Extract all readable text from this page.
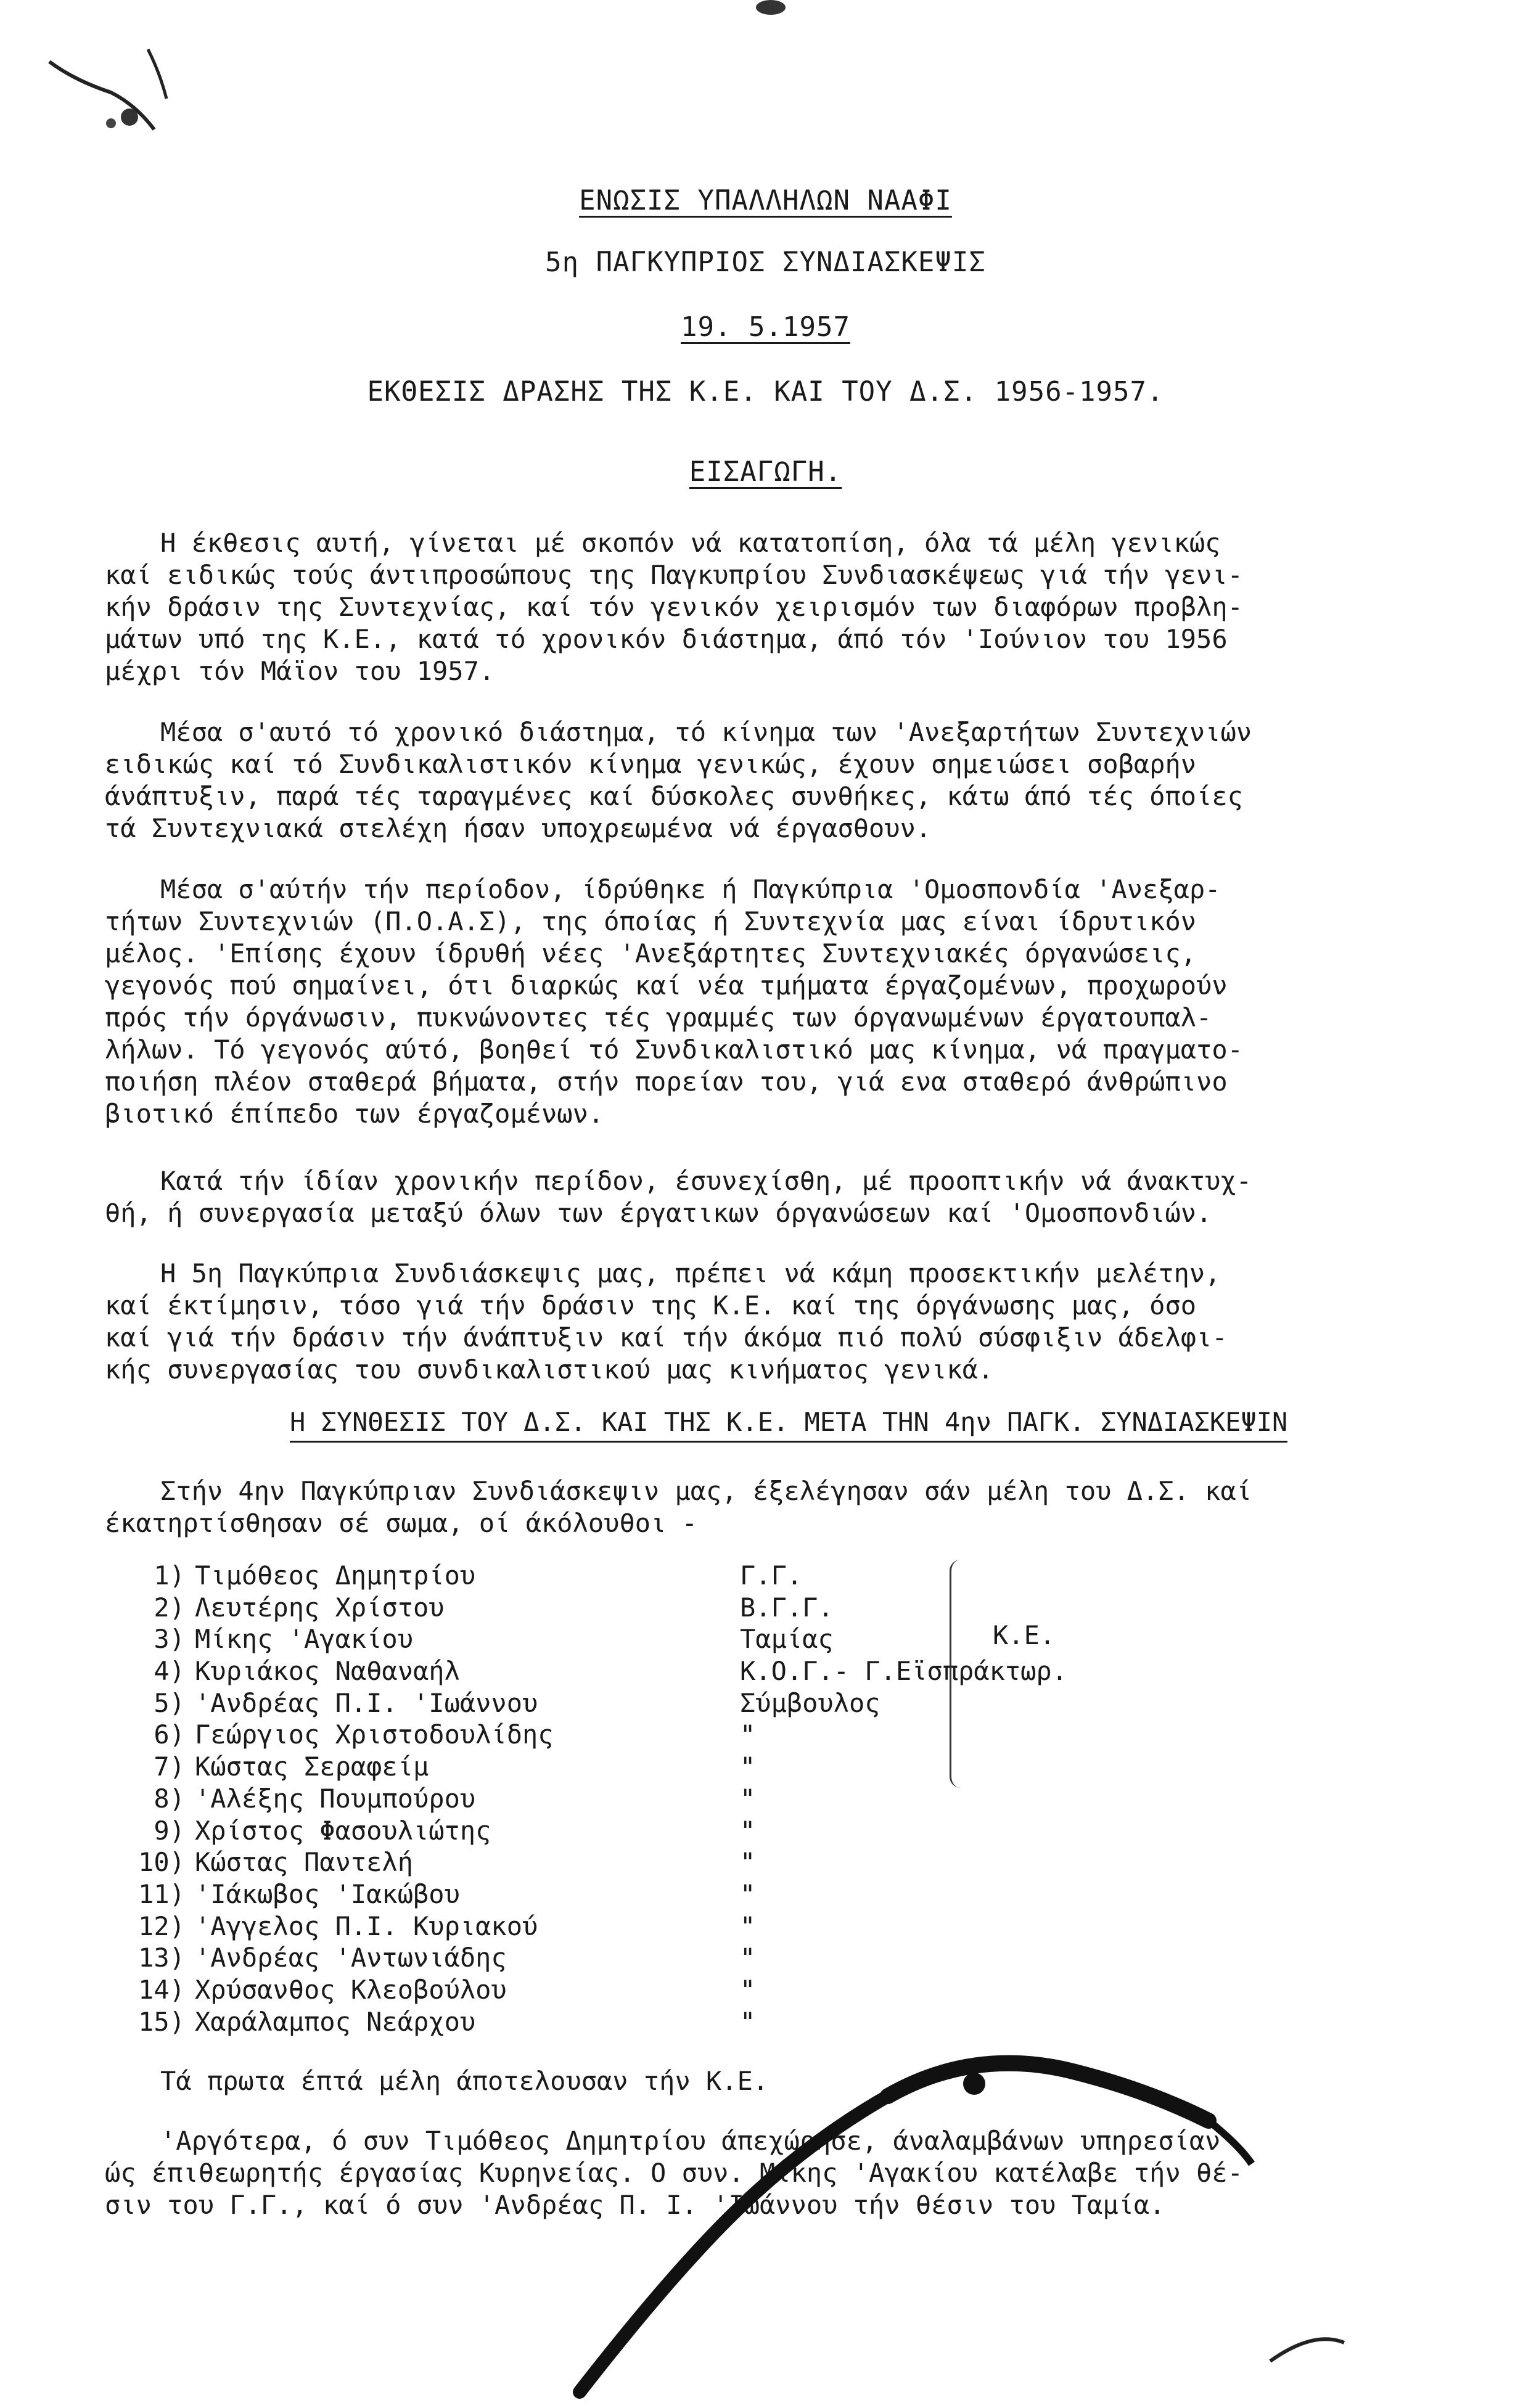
ΕΝΩΣΙΣ ΥΠΑΛΛΗΛΩΝ ΝΑΑΦΙ
5η ΠΑΓΚΥΠΡΙΟΣ ΣΥΝΔΙΑΣΚΕΨΙΣ
19. 5.1957
ΕΚΘΕΣΙΣ ΔΡΑΣΗΣ ΤΗΣ Κ.Ε. ΚΑΙ ΤΟΥ Δ.Σ. 1956-1957.
ΕΙΣΑΓΩΓΗ.
Η έκθεσις αυτή, γίνεται μέ σκοπόν νά κατατοπίση, όλα τά μέλη γενικώς
καί ειδικώς τούς άντιπροσώπους της Παγκυπρίου Συνδιασκέψεως γιά τήν γενι-
κήν δράσιν της Συντεχνίας, καί τόν γενικόν χειρισμόν των διαφόρων προβλη-
μάτων υπό της Κ.Ε., κατά τό χρονικόν διάστημα, άπό τόν 'Ιούνιον του 1956
μέχρι τόν Μάϊον του 1957.
Μέσα σ'αυτό τό χρονικό διάστημα, τό κίνημα των 'Ανεξαρτήτων Συντεχνιών
ειδικώς καί τό Συνδικαλιστικόν κίνημα γενικώς, έχουν σημειώσει σοβαρήν
άνάπτυξιν, παρά τές ταραγμένες καί δύσκολες συνθήκες, κάτω άπό τές όποίες
τά Συντεχνιακά στελέχη ήσαν υποχρεωμένα νά έργασθουν.
Μέσα σ'αύτήν τήν περίοδον, ίδρύθηκε ή Παγκύπρια 'Ομοσπονδία 'Ανεξαρ-
τήτων Συντεχνιών (Π.Ο.Α.Σ), της όποίας ή Συντεχνία μας είναι ίδρυτικόν
μέλος. 'Επίσης έχουν ίδρυθή νέες 'Ανεξάρτητες Συντεχνιακές όργανώσεις,
γεγονός πού σημαίνει, ότι διαρκώς καί νέα τμήματα έργαζομένων, προχωρούν
πρός τήν όργάνωσιν, πυκνώνοντες τές γραμμές των όργανωμένων έργατουπαλ-
λήλων. Τό γεγονός αύτό, βοηθεί τό Συνδικαλιστικό μας κίνημα, νά πραγματο-
ποιήση πλέον σταθερά βήματα, στήν πορείαν του, γιά ενα σταθερό άνθρώπινο
βιοτικό έπίπεδο των έργαζομένων.
Κατά τήν ίδίαν χρονικήν περίδον, έσυνεχίσθη, μέ προοπτικήν νά άνακτυχ-
θή, ή συνεργασία μεταξύ όλων των έργατικων όργανώσεων καί 'Ομοσπονδιών.
Η 5η Παγκύπρια Συνδιάσκεψις μας, πρέπει νά κάμη προσεκτικήν μελέτην,
καί έκτίμησιν, τόσο γιά τήν δράσιν της Κ.Ε. καί της όργάνωσης μας, όσο
καί γιά τήν δράσιν τήν άνάπτυξιν καί τήν άκόμα πιό πολύ σύσφιξιν άδελφι-
κής συνεργασίας του συνδικαλιστικού μας κινήματος γενικά.
Η ΣΥΝΘΕΣΙΣ ΤΟΥ Δ.Σ. ΚΑΙ ΤΗΣ Κ.Ε. ΜΕΤΑ ΤΗΝ 4ην ΠΑΓΚ. ΣΥΝΔΙΑΣΚΕΨΙΝ
Στήν 4ην Παγκύπριαν Συνδιάσκεψιν μας, έξελέγησαν σάν μέλη του Δ.Σ. καί
έκατηρτίσθησαν σέ σωμα, οί άκόλουθοι -
1) Τιμόθεος Δημητρίου	Γ.Γ.
2) Λευτέρης Χρίστου	Β.Γ.Γ.
3) Μίκης 'Αγακίου	Ταμίας
4) Κυριάκος Ναθαναήλ	Κ.Ο.Γ.- Γ.Εϊσπράκτωρ.
5) 'Ανδρέας Π.Ι. 'Ιωάννου	Σύμβουλος
6) Γεώργιος Χριστοδουλίδης	"
7) Κώστας Σεραφείμ	"
8) 'Αλέξης Πουμπούρου	"
9) Χρίστος Φασουλιώτης	"
10) Κώστας Παντελή	"
11) 'Ιάκωβος 'Ιακώβου	"
12) 'Αγγελος Π.Ι. Κυριακού	"
13) 'Ανδρέας 'Αντωνιάδης	"
14) Χρύσανθος Κλεοβούλου	"
15) Χαράλαμπος Νεάρχου	"
Κ.Ε.
Τά πρωτα έπτά μέλη άποτελουσαν τήν Κ.Ε.
'Αργότερα, ό συν Τιμόθεος Δημητρίου άπεχώρησε, άναλαμβάνων υπηρεσίαν
ώς έπιθεωρητής έργασίας Κυρηνείας. Ο συν. Μίκης 'Αγακίου κατέλαβε τήν θέ-
σιν του Γ.Γ., καί ό συν 'Ανδρέας Π. Ι. 'Ιωάννου τήν θέσιν του Ταμία.
